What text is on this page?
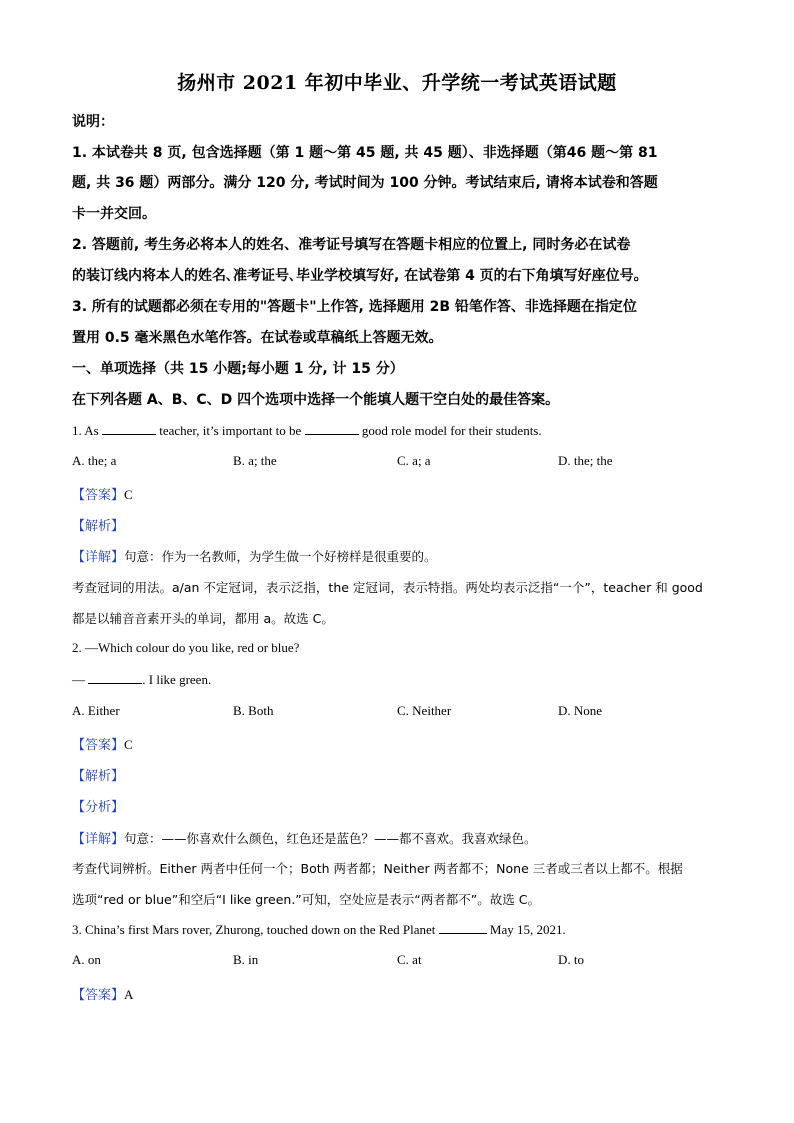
扬州市 2021 年初中毕业、升学统一考试英语试题
说明：
1. 本试卷共 8 页, 包含选择题（第 1 题～第 45 题, 共 45 题）、非选择题（第46 题～第 81
题, 共 36 题）两部分。满分 120 分, 考试时间为 100 分钟。考试结束后, 请将本试卷和答题
卡一并交回。
2. 答题前, 考生务必将本人的姓名、准考证号填写在答题卡相应的位置上, 同时务必在试卷
的装订线内将本人的姓名､准考证号､毕业学校填写好, 在试卷第 4 页的右下角填写好座位号。
3. 所有的试题都必须在专用的"答题卡"上作答, 选择题用 2B 铅笔作答、非选择题在指定位
置用 0.5 毫米黑色水笔作答。在试卷或草稿纸上答题无效。
一、单项选择（共 15 小题;每小题 1 分, 计 15 分）
在下列各题 A、B、C、D 四个选项中选择一个能填人题干空白处的最佳答案。
1. As	teacher, it’s important to be	good role model for their students.
A. the; a	B. a; the	C. a; a	D. the; the
【答案】C
【解析】
【详解】句意：作为一名教师，为学生做一个好榜样是很重要的。
考查冠词的用法。a/an 不定冠词，表示泛指，the 定冠词，表示特指。两处均表示泛指“一个”，teacher 和 good
都是以辅音音素开头的单词，都用 a。故选 C。
2. —Which colour do you like, red or blue?
—	. I like green.
A. Either	B. Both	C. Neither	D. None
【答案】C
【解析】
【分析】
【详解】句意：——你喜欢什么颜色，红色还是蓝色？——都不喜欢。我喜欢绿色。
考查代词辨析。Either 两者中任何一个；Both 两者都；Neither 两者都不；None 三者或三者以上都不。根据
选项“red or blue”和空后“I like green.”可知，空处应是表示“两者都不”。故选 C。
3. China’s first Mars rover, Zhurong, touched down on the Red Planet	May 15, 2021.
A. on	B. in	C. at	D. to
【答案】A
